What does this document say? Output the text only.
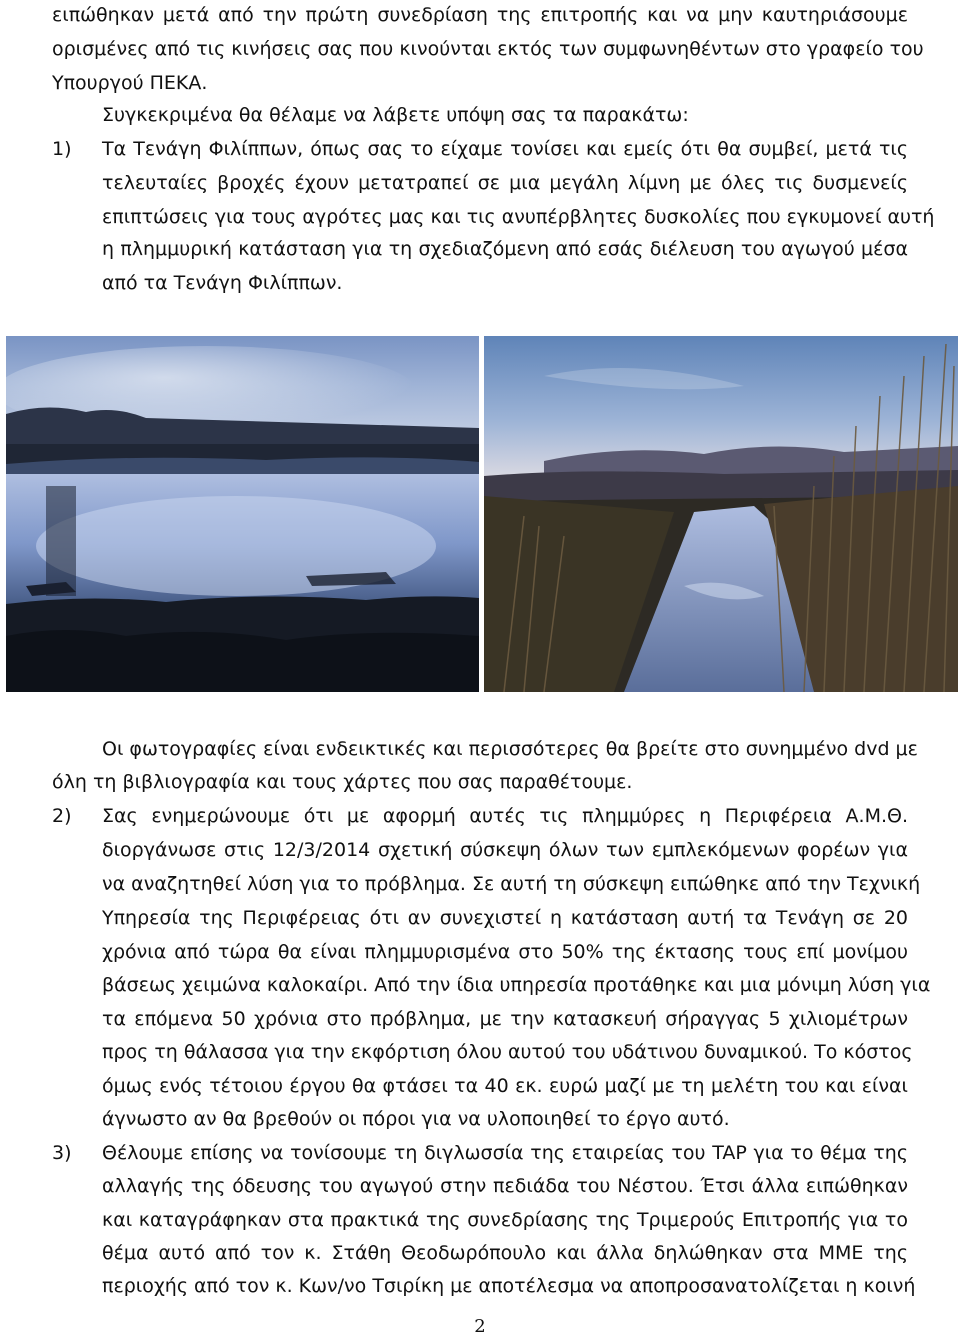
ειπώθηκαν μετά από την πρώτη συνεδρίαση της επιτροπής και να μην καυτηριάσουμε
ορισμένες από τις κινήσεις σας που κινούνται εκτός των συμφωνηθέντων στο γραφείο του
Υπουργού ΠΕΚΑ.
Συγκεκριμένα θα θέλαμε να λάβετε υπόψη σας τα παρακάτω:
1) Τα Τενάγη Φιλίππων, όπως σας το είχαμε τονίσει και εμείς ότι θα συμβεί, μετά τις
τελευταίες βροχές έχουν μετατραπεί σε μια μεγάλη λίμνη με όλες τις δυσμενείς
επιπτώσεις για τους αγρότες μας και τις ανυπέρβλητες δυσκολίες που εγκυμονεί αυτή
η πλημμυρική κατάσταση για τη σχεδιαζόμενη από εσάς διέλευση του αγωγού μέσα
από τα Τενάγη Φιλίππων.
Οι φωτογραφίες είναι ενδεικτικές και περισσότερες θα βρείτε στο συνημμένο dvd με
όλη τη βιβλιογραφία και τους χάρτες που σας παραθέτουμε.
2) Σας ενημερώνουμε ότι με αφορμή αυτές τις πλημμύρες η Περιφέρεια Α.Μ.Θ.
διοργάνωσε στις 12/3/2014 σχετική σύσκεψη όλων των εμπλεκόμενων φορέων για
να αναζητηθεί λύση για το πρόβλημα. Σε αυτή τη σύσκεψη ειπώθηκε από την Τεχνική
Υπηρεσία της Περιφέρειας ότι αν συνεχιστεί η κατάσταση αυτή τα Τενάγη σε 20
χρόνια από τώρα θα είναι πλημμυρισμένα στο 50% της έκτασης τους επί μονίμου
βάσεως χειμώνα καλοκαίρι. Από την ίδια υπηρεσία προτάθηκε και μια μόνιμη λύση για
τα επόμενα 50 χρόνια στο πρόβλημα, με την κατασκευή σήραγγας 5 χιλιομέτρων
προς τη θάλασσα για την εκφόρτιση όλου αυτού του υδάτινου δυναμικού. Το κόστος
όμως ενός τέτοιου έργου θα φτάσει τα 40 εκ. ευρώ μαζί με τη μελέτη του και είναι
άγνωστο αν θα βρεθούν οι πόροι για να υλοποιηθεί το έργο αυτό.
3) Θέλουμε επίσης να τονίσουμε τη διγλωσσία της εταιρείας του TAP για το θέμα της
αλλαγής της όδευσης του αγωγού στην πεδιάδα του Νέστου. Έτσι άλλα ειπώθηκαν
και καταγράφηκαν στα πρακτικά της συνεδρίασης της Τριμερούς Επιτροπής για το
θέμα αυτό από τον κ. Στάθη Θεοδωρόπουλο και άλλα δηλώθηκαν στα ΜΜΕ της
περιοχής από τον κ. Κων/νο Τσιρίκη με αποτέλεσμα να αποπροσανατολίζεται η κοινή
2
